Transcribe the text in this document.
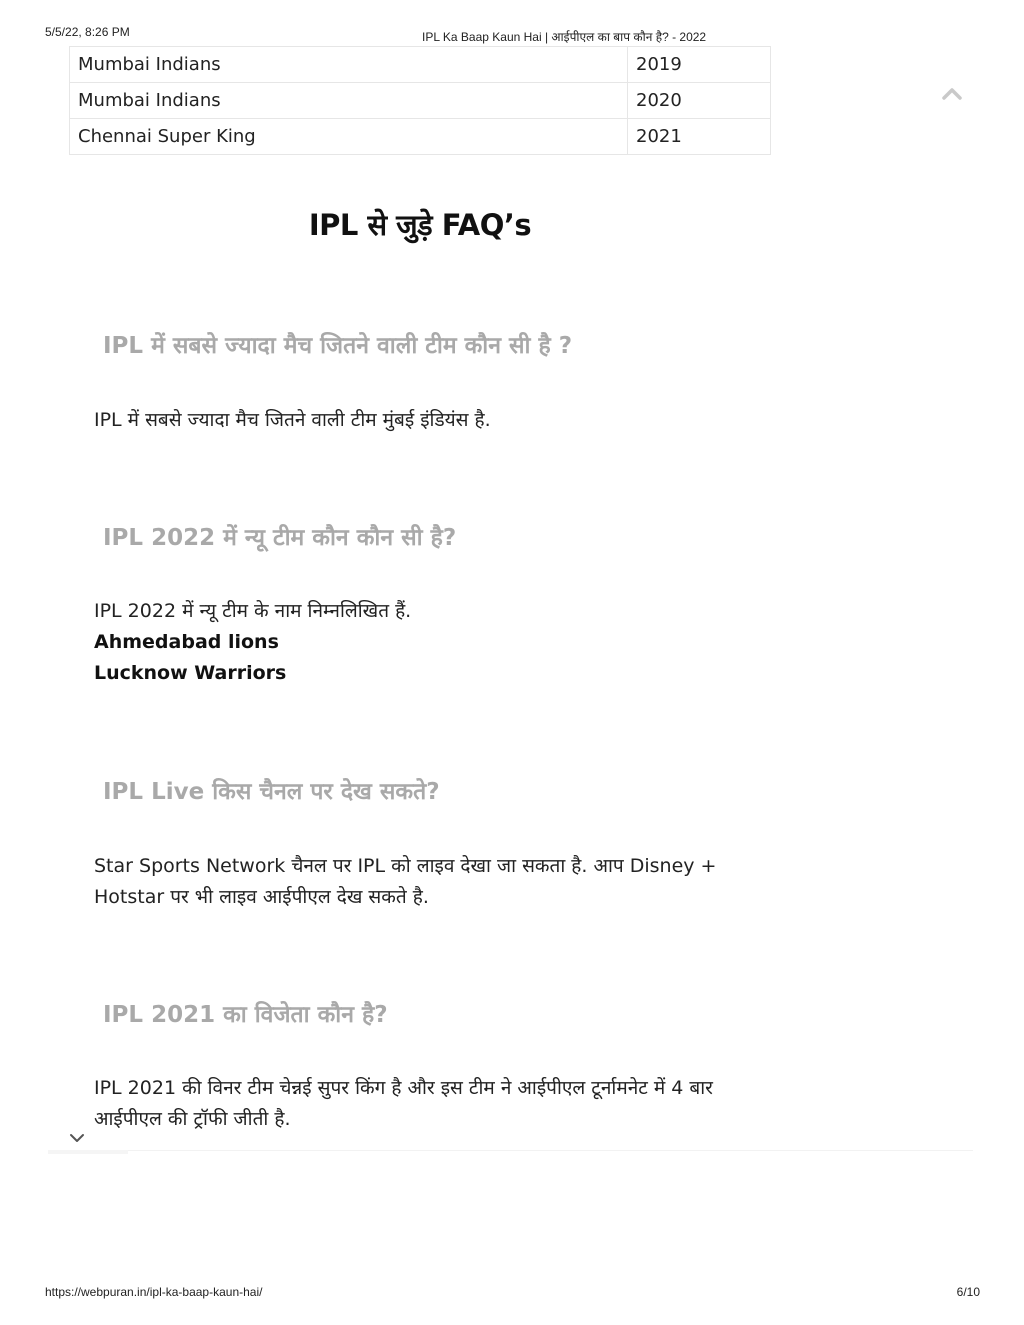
5/5/22, 8:26 PM	IPL Ka Baap Kaun Hai | आईपीएल का बाप कौन है? - 2022
Mumbai Indians	2019
Mumbai Indians	2020
Chennai Super King	2021
IPL से जुड़े FAQ’s
IPL में सबसे ज्यादा मैच जितने वाली टीम कौन सी है ?
IPL में सबसे ज्यादा मैच जितने वाली टीम मुंबई इंडियंस है.
IPL 2022 में न्यू टीम कौन कौन सी है?
IPL 2022 में न्यू टीम के नाम निम्नलिखित हैं.
Ahmedabad lions
Lucknow Warriors
IPL Live किस चैनल पर देख सकते?
Star Sports Network चैनल पर IPL को लाइव देखा जा सकता है. आप Disney + Hotstar पर भी लाइव आईपीएल देख सकते है.
IPL 2021 का विजेता कौन है?
IPL 2021 की विनर टीम चेन्नई सुपर किंग है और इस टीम ने आईपीएल टूर्नामनेट में 4 बार आईपीएल की ट्रॉफी जीती है.
https://webpuran.in/ipl-ka-baap-kaun-hai/	6/10
